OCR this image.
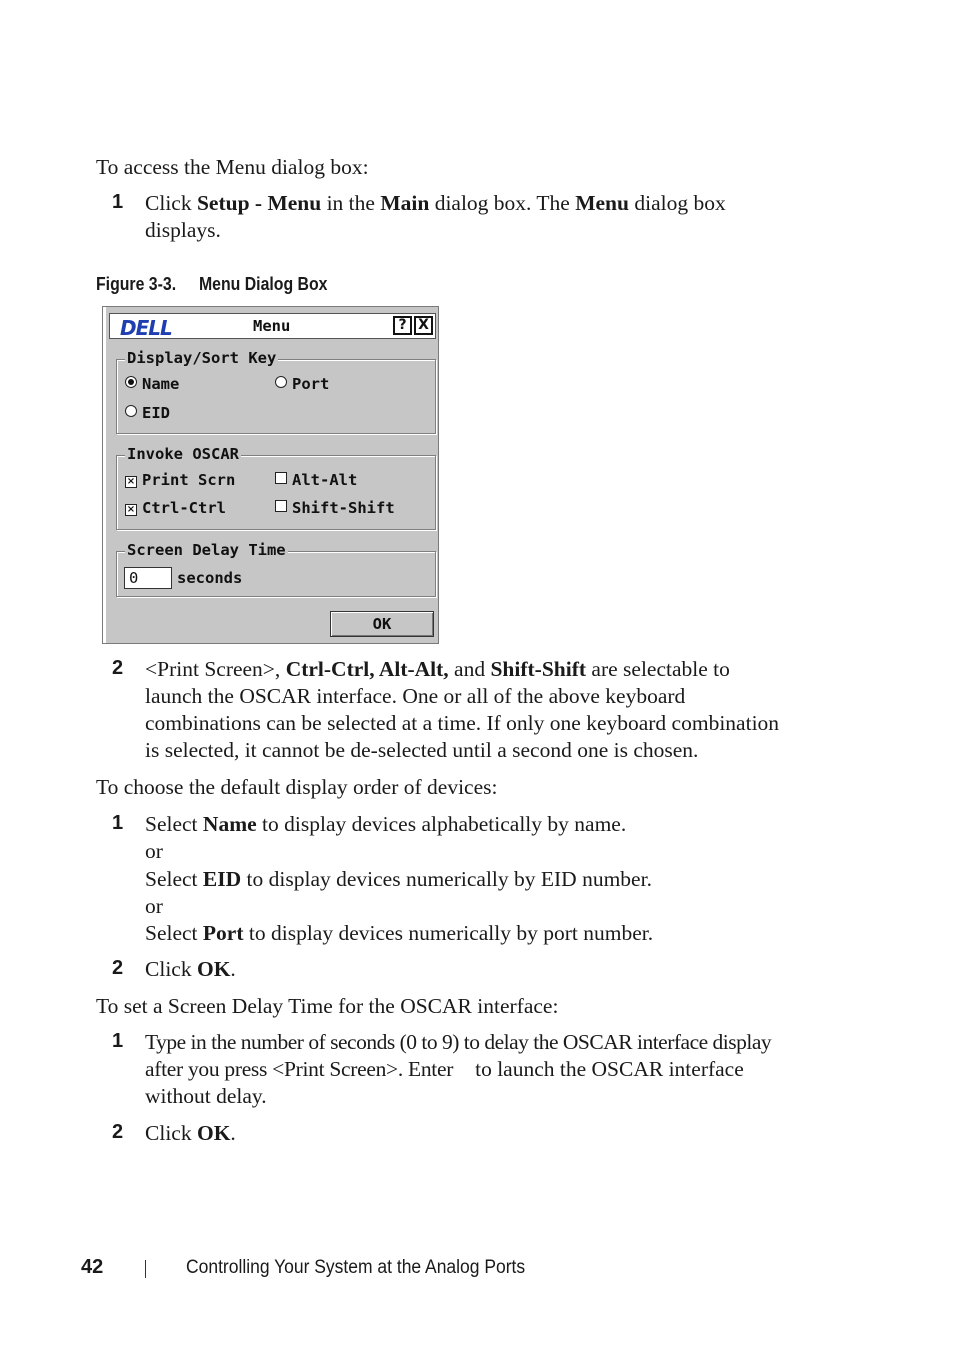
To access the Menu dialog box:
1 Click Setup - Menu in the Main dialog box. The Menu dialog box
displays.
Figure 3-3. Menu Dialog Box
DELL	Menu	? X
Display/Sort Key
Name	Port
EID
Invoke OSCAR
× Print Scrn	Alt-Alt
× Ctrl-Ctrl	Shift-Shift
Screen Delay Time
0	seconds
OK
2 <Print Screen>, Ctrl-Ctrl, Alt-Alt, and Shift-Shift are selectable to
launch the OSCAR interface. One or all of the above keyboard
combinations can be selected at a time. If only one keyboard combination
is selected, it cannot be de-selected until a second one is chosen.
To choose the default display order of devices:
1 Select Name to display devices alphabetically by name.
or
Select EID to display devices numerically by EID number.
or
Select Port to display devices numerically by port number.
2 Click OK.
To set a Screen Delay Time for the OSCAR interface:
1 Type in the number of seconds (0 to 9) to delay the OSCAR interface display
after you press <Print Screen>. Enter to launch the OSCAR interface
without delay.
2 Click OK.
42	Controlling Your System at the Analog Ports
